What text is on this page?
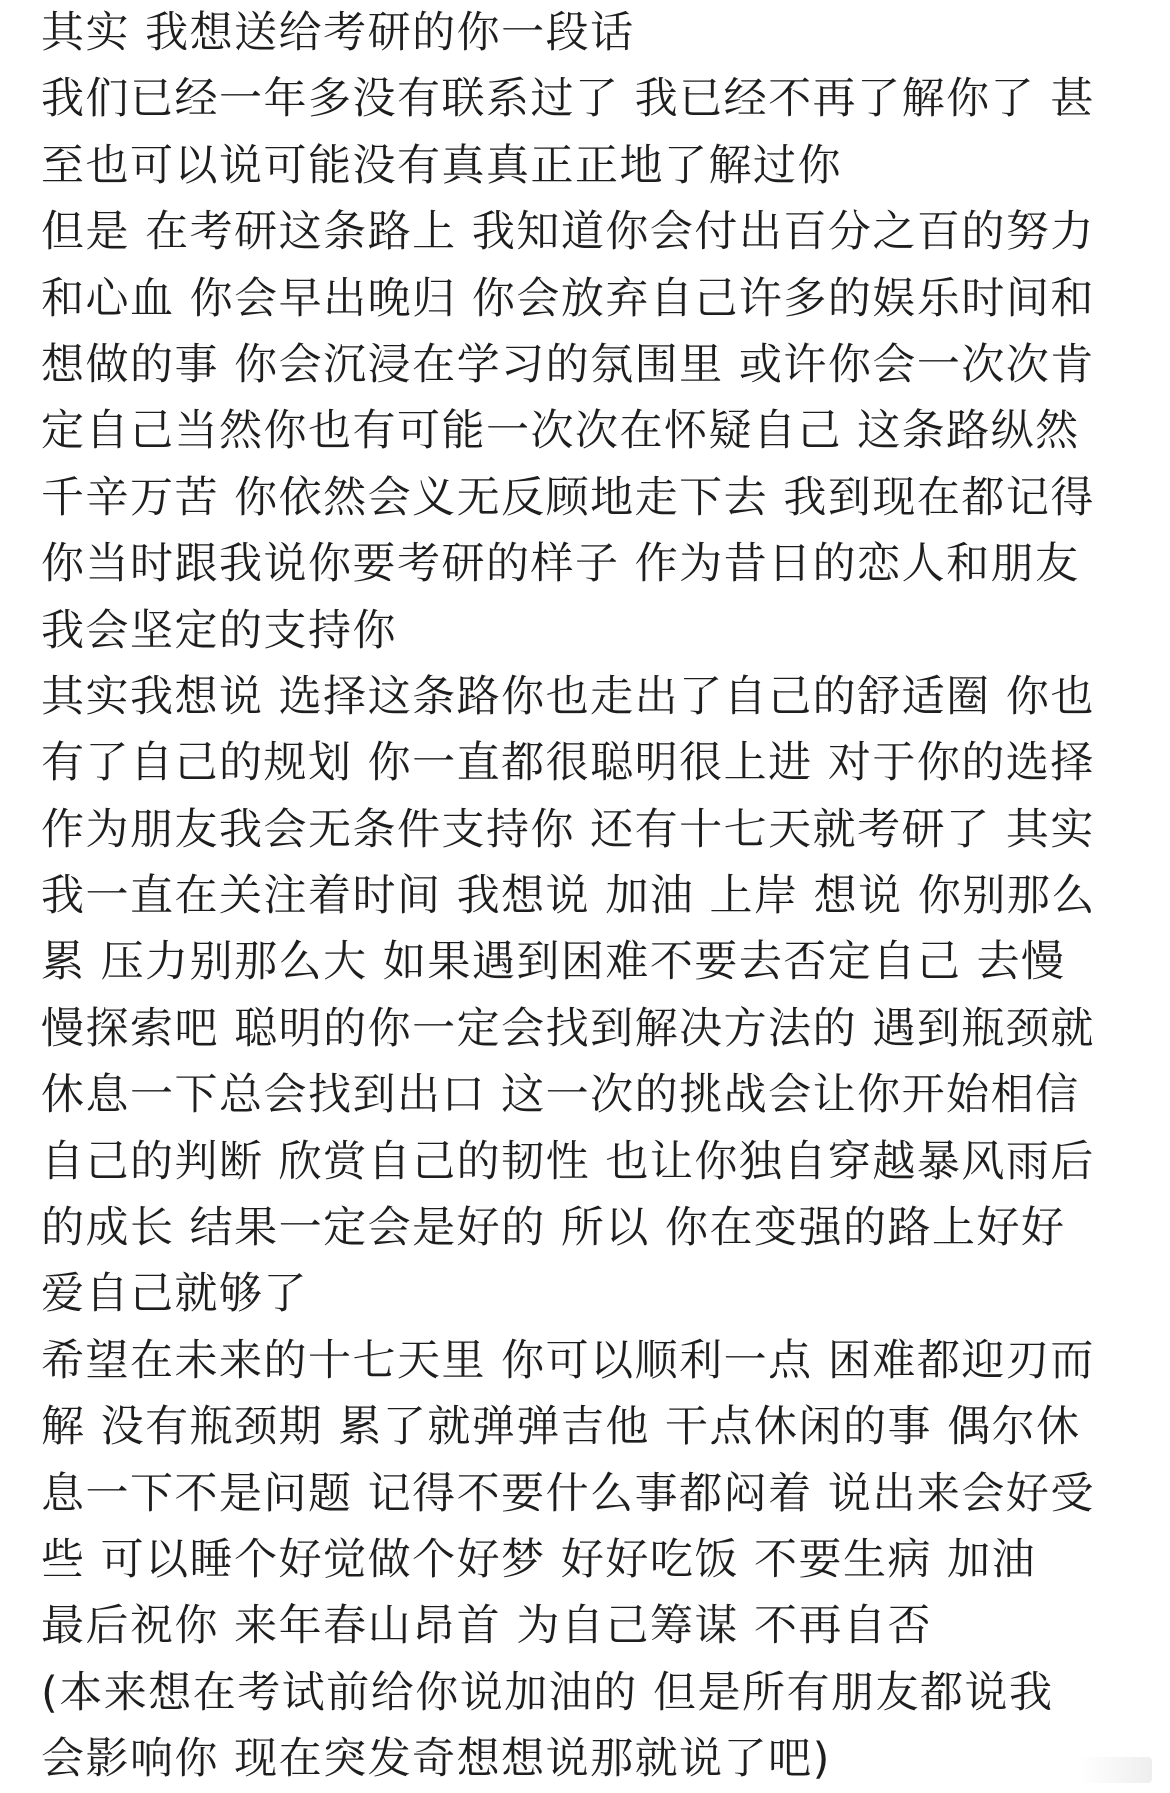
其实 我想送给考研的你一段话
我们已经一年多没有联系过了 我已经不再了解你了 甚
至也可以说可能没有真真正正地了解过你
但是 在考研这条路上 我知道你会付出百分之百的努力
和心血 你会早出晚归 你会放弃自己许多的娱乐时间和
想做的事 你会沉浸在学习的氛围里 或许你会一次次肯
定自己当然你也有可能一次次在怀疑自己 这条路纵然
千辛万苦 你依然会义无反顾地走下去 我到现在都记得
你当时跟我说你要考研的样子 作为昔日的恋人和朋友
我会坚定的支持你
其实我想说 选择这条路你也走出了自己的舒适圈 你也
有了自己的规划 你一直都很聪明很上进 对于你的选择
作为朋友我会无条件支持你 还有十七天就考研了 其实
我一直在关注着时间 我想说 加油 上岸 想说 你别那么
累 压力别那么大 如果遇到困难不要去否定自己 去慢
慢探索吧 聪明的你一定会找到解决方法的 遇到瓶颈就
休息一下总会找到出口 这一次的挑战会让你开始相信
自己的判断 欣赏自己的韧性 也让你独自穿越暴风雨后
的成长 结果一定会是好的 所以 你在变强的路上好好
爱自己就够了
希望在未来的十七天里 你可以顺利一点 困难都迎刃而
解 没有瓶颈期 累了就弹弹吉他 干点休闲的事 偶尔休
息一下不是问题 记得不要什么事都闷着 说出来会好受
些 可以睡个好觉做个好梦 好好吃饭 不要生病 加油
最后祝你 来年春山昂首 为自己筹谋 不再自否
(本来想在考试前给你说加油的 但是所有朋友都说我
会影响你 现在突发奇想想说那就说了吧)
